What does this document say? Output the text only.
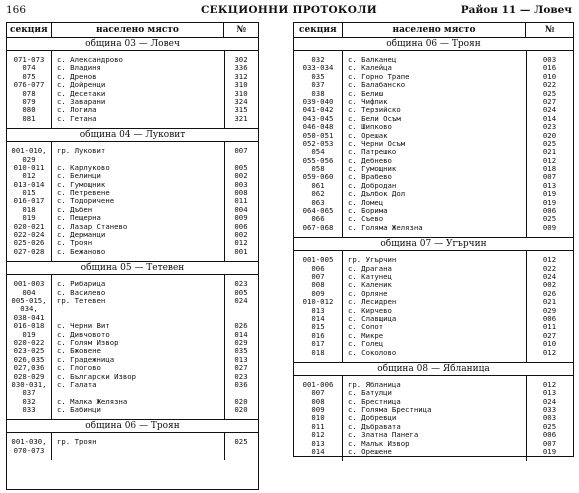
166	СЕКЦИОННИ ПРОТОКОЛИ	Район 11 — Ловеч
секция	населено място	№
община 03 — Ловеч
071-073	с. Александрово	302
074	с. Владиня	336
075	с. Дренов	312
076-077	с. Дойренци	310
078	с. Десетаки	310
079	с. Заварани	324
080	с. Логила	315
081	с. Гетана	321
община 04 — Луковит
001-010,	гр. Луковит	007
029
010-011	с. Карлуково	005
012	с. Белинци	002
013-014	с. Гумощник	003
015	с. Петревене	008
016-017	с. Тодоричене	011
018	с. Дъбен	004
019	с. Пещерна	009
020-021	с. Лазар Станево	006
022-024	с. Дерманци	002
025-026	с. Троян	012
027-028	с. Бежаново	001
община 05 — Тетевен
001-003	с. Рибарица	023
004	с. Василево	005
005-015,	гр. Тетевен	024
034,
038-041
016-018	с. Черни Вит	026
019	с. Дивчовото	014
020-022	с. Голям Извор	029
023-025	с. Бжовене	035
026,035	с. Градежница	013
027,036	с. Глогово	027
028-029	с. Български Извор	023
030-031,	с. Галата	036
037
032	с. Малка Желязна	020
033	с. Бабинци	020
община 06 — Троян
001-030,	гр. Троян	025
070-073
секция	населено място	№
община 06 — Троян
032	с. Балканец	003
033-034	с. Калейца	016
035	с. Горно Трапе	010
037	с. Балабанско	022
038	с. Белиш	025
039-040	с. Чифлик	027
041-042	с. Терзийско	024
043-045	с. Бели Осъм	014
046-048	с. Шипково	023
050-051	с. Орешак	020
052-053	с. Черни Осъм	025
054	с. Патрешко	021
055-056	с. Дебнево	012
058	с. Гумощник	018
059-060	с. Врабево	007
061	с. Добродан	013
062	с. Дълбок Дол	019
063	с. Ломец	019
064-065	с. Борима	006
066	с. Съево	025
067-068	с. Голяма Желязна	009
община 07 — Угърчин
001-005	гр. Угърчин	012
006	с. Драгана	022
007	с. Катунец	024
008	с. Каленик	002
009	с. Орляне	026
010-012	с. Лесидрен	021
013	с. Кирчево	029
014	с. Славщица	006
015	с. Сопот	011
016	с. Микре	027
017	с. Голец	010
018	с. Соколово	012
община 08 — Ябланица
001-006	гр. Ябланица	012
007	с. Батулци	013
008	с. Брестница	024
009	с. Голяма Брестница	033
010	с. Добревци	003
011	с. Дъбравата	025
012	с. Златна Панега	006
013	с. Малък Извор	007
014	с. Орешене	019
